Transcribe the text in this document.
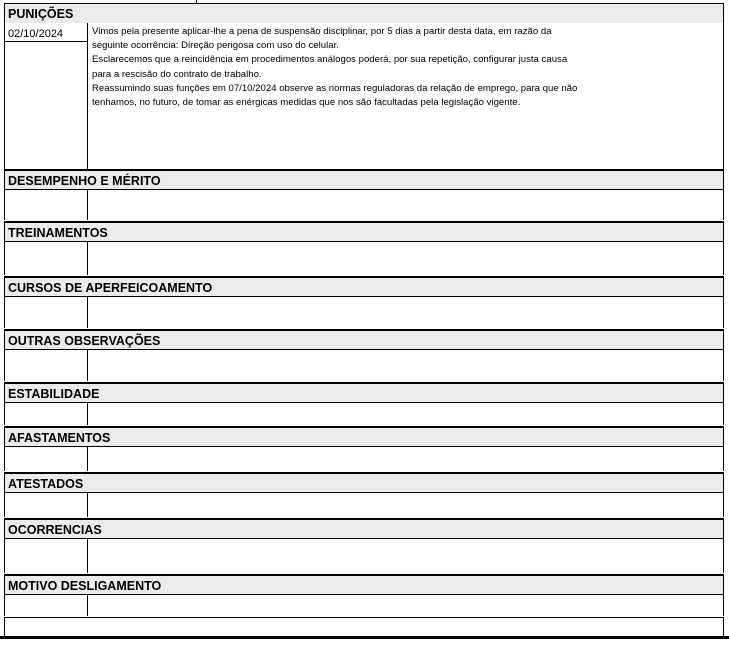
PUNIÇÕES
02/10/2024	Vimos pela presente aplicar-lhe a pena de suspensão disciplinar, por 5 dias a partir desta data, em razão da

seguinte ocorrência: Direção perigosa com uso do celular.

Esclarecemos que a reincidência em procedimentos análogos poderá, por sua repetição, configurar justa causa

para a rescisão do contrato de trabalho.

Reassumindo suas funções em 07/10/2024 observe as normas reguladoras da relação de emprego, para que não

tenhamos, no futuro, de tomar as enérgicas medidas que nos são facultadas pela legislação vigente.

DESEMPENHO E MÉRITO
TREINAMENTOS
CURSOS DE APERFEICOAMENTO
OUTRAS OBSERVAÇÕES
ESTABILIDADE
AFASTAMENTOS
ATESTADOS
OCORRENCIAS
MOTIVO DESLIGAMENTO
